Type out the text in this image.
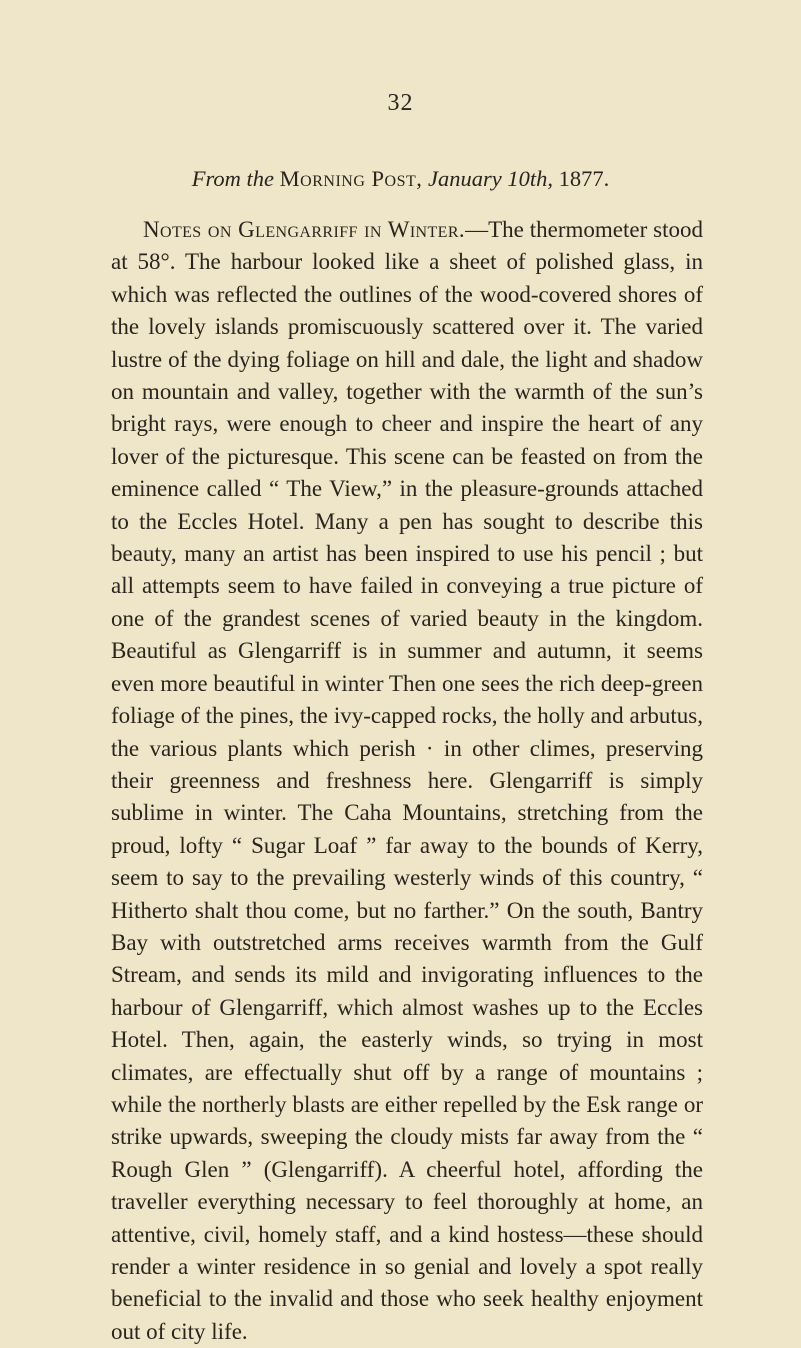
32
From the Morning Post, January 10th, 1877.

Notes on Glengarriff in Winter.—The thermometer stood at 58°. The harbour looked like a sheet of polished glass, in which was reflected the outlines of the wood-covered shores of the lovely islands promiscuously scattered over it. The varied lustre of the dying foliage on hill and dale, the light and shadow on mountain and valley, together with the warmth of the sun’s bright rays, were enough to cheer and inspire the heart of any lover of the picturesque. This scene can be feasted on from the eminence called “ The View,” in the pleasure-grounds attached to the Eccles Hotel. Many a pen has sought to describe this beauty, many an artist has been inspired to use his pencil ; but all attempts seem to have failed in conveying a true picture of one of the grandest scenes of varied beauty in the kingdom. Beautiful as Glengarriff is in summer and autumn, it seems even more beautiful in winter Then one sees the rich deep-green foliage of the pines, the ivy-capped rocks, the holly and arbutus, the various plants which perish · in other climes, preserving their greenness and freshness here. Glengarriff is simply sublime in winter. The Caha Mountains, stretching from the proud, lofty “ Sugar Loaf ” far away to the bounds of Kerry, seem to say to the prevailing westerly winds of this country, “ Hitherto shalt thou come, but no farther.” On the south, Bantry Bay with outstretched arms receives warmth from the Gulf Stream, and sends its mild and invigorating influences to the harbour of Glengarriff, which almost washes up to the Eccles Hotel. Then, again, the easterly winds, so trying in most climates, are effectually shut off by a range of mountains ; while the northerly blasts are either repelled by the Esk range or strike upwards, sweeping the cloudy mists far away from the “ Rough Glen ” (Glengarriff). A cheerful hotel, affording the traveller everything necessary to feel thoroughly at home, an attentive, civil, homely staff, and a kind hostess—these should render a winter residence in so genial and lovely a spot really beneficial to the invalid and those who seek healthy enjoyment out of city life.
